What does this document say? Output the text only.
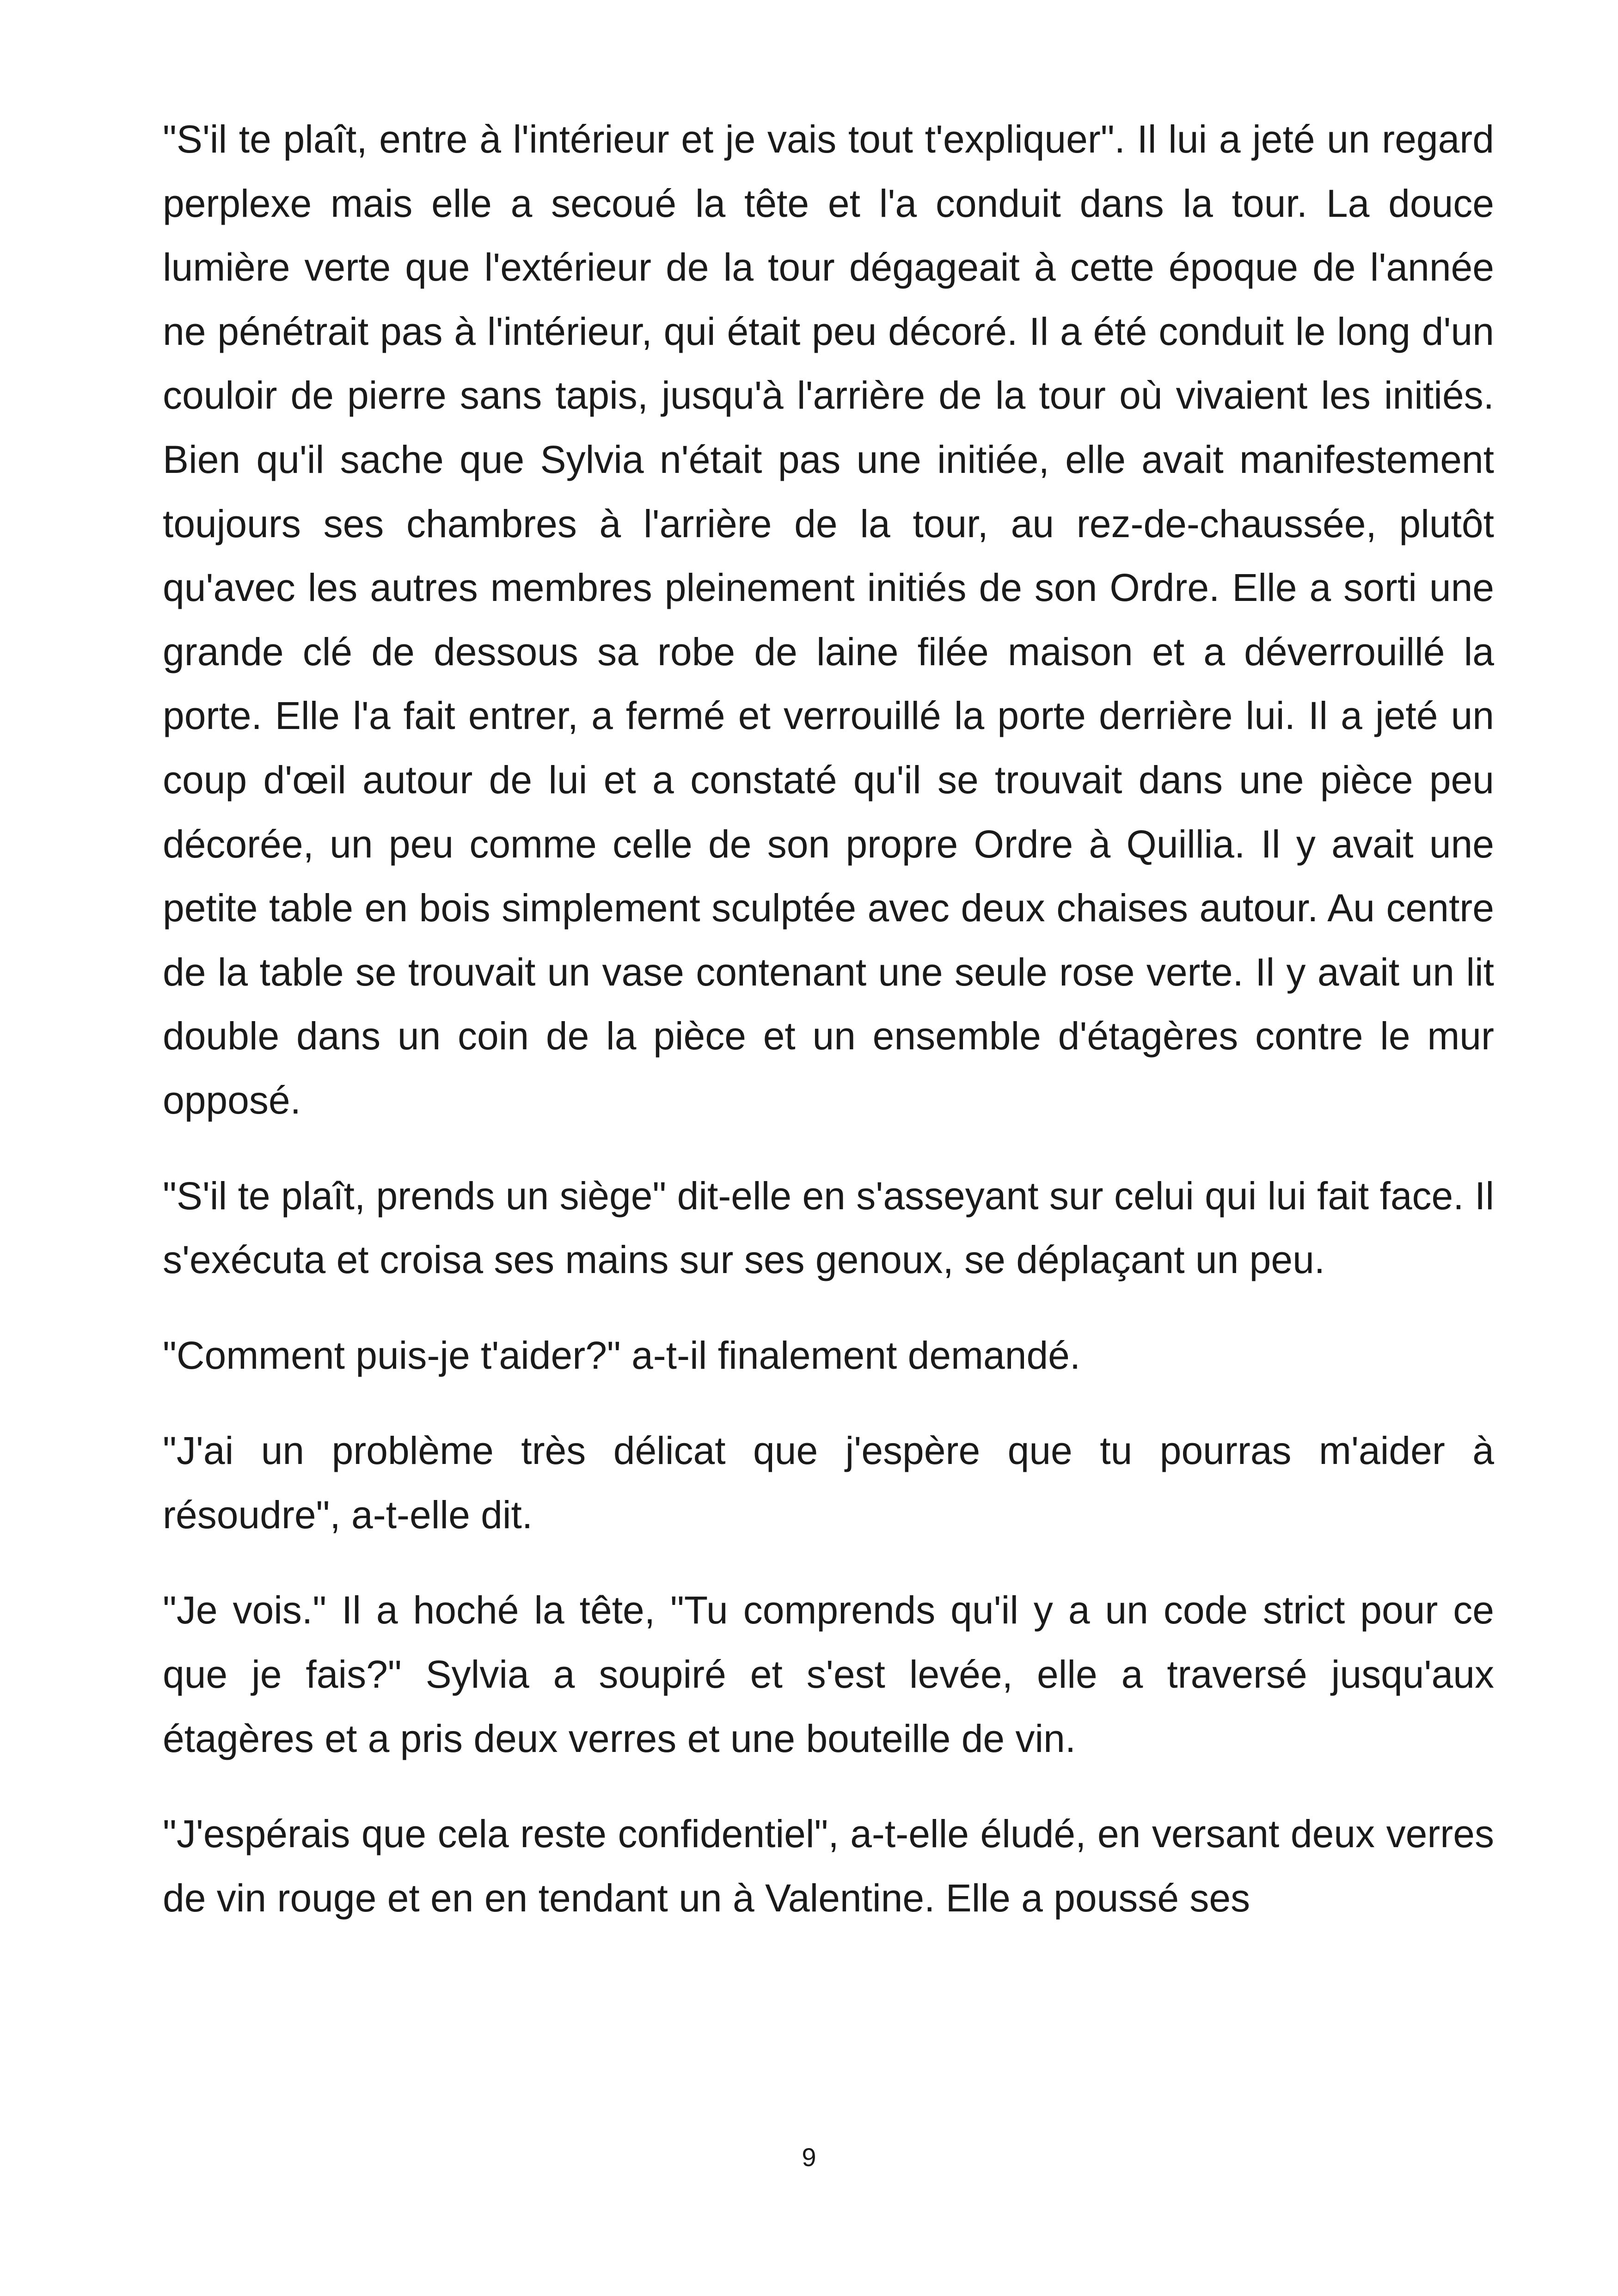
"S'il te plaît, entre à l'intérieur et je vais tout t'expliquer". Il lui a jeté un regard perplexe mais elle a secoué la tête et l'a conduit dans la tour. La douce lumière verte que l'extérieur de la tour dégageait à cette époque de l'année ne pénétrait pas à l'intérieur, qui était peu décoré. Il a été conduit le long d'un couloir de pierre sans tapis, jusqu'à l'arrière de la tour où vivaient les initiés. Bien qu'il sache que Sylvia n'était pas une initiée, elle avait manifestement toujours ses chambres à l'arrière de la tour, au rez-de-chaussée, plutôt qu'avec les autres membres pleinement initiés de son Ordre. Elle a sorti une grande clé de dessous sa robe de laine filée maison et a déverrouillé la porte. Elle l'a fait entrer, a fermé et verrouillé la porte derrière lui. Il a jeté un coup d'œil autour de lui et a constaté qu'il se trouvait dans une pièce peu décorée, un peu comme celle de son propre Ordre à Quillia. Il y avait une petite table en bois simplement sculptée avec deux chaises autour. Au centre de la table se trouvait un vase contenant une seule rose verte. Il y avait un lit double dans un coin de la pièce et un ensemble d'étagères contre le mur opposé.

"S'il te plaît, prends un siège" dit-elle en s'asseyant sur celui qui lui fait face. Il s'exécuta et croisa ses mains sur ses genoux, se déplaçant un peu.

"Comment puis-je t'aider?" a-t-il finalement demandé.

"J'ai un problème très délicat que j'espère que tu pourras m'aider à résoudre", a-t-elle dit.

"Je vois." Il a hoché la tête, "Tu comprends qu'il y a un code strict pour ce que je fais?" Sylvia a soupiré et s'est levée, elle a traversé jusqu'aux étagères et a pris deux verres et une bouteille de vin.

"J'espérais que cela reste confidentiel", a-t-elle éludé, en versant deux verres de vin rouge et en en tendant un à Valentine. Elle a poussé ses

9
